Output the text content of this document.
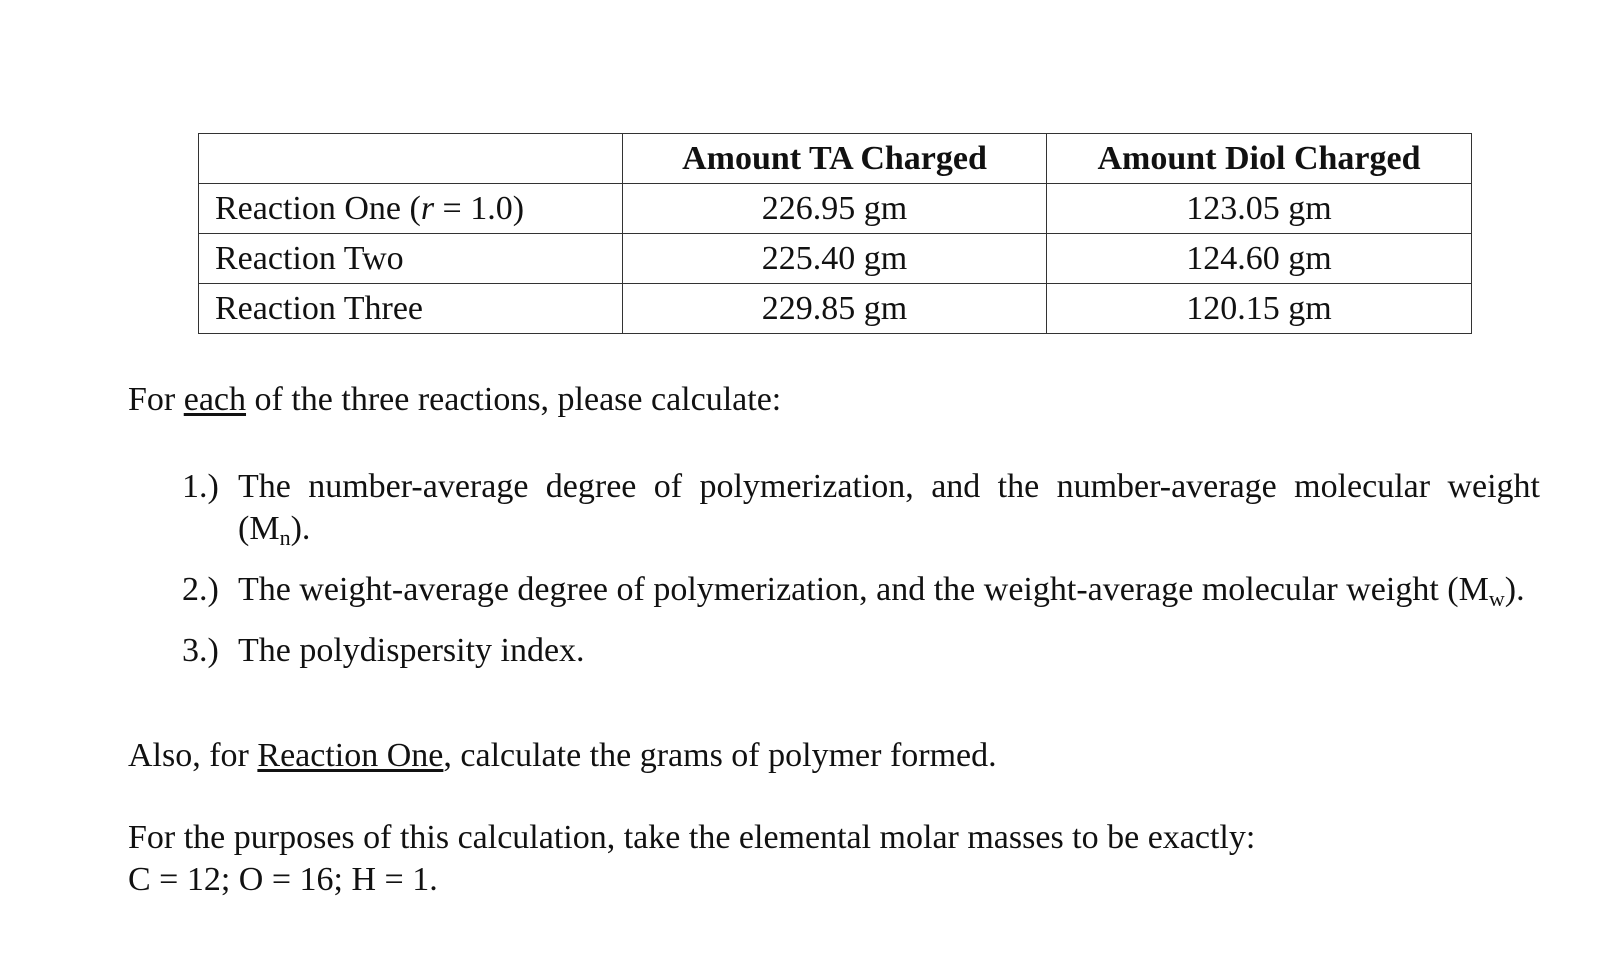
	Amount TA Charged	Amount Diol Charged
Reaction One (r = 1.0)	226.95 gm	123.05 gm
Reaction Two	225.40 gm	124.60 gm
Reaction Three	229.85 gm	120.15 gm

For each of the three reactions, please calculate:

1.) The number-average degree of polymerization, and the number-average molecular weight $(M_n)$.
2.) The weight-average degree of polymerization, and the weight-average molecular weight $(M_w)$.
3.) The polydispersity index.

Also, for Reaction One, calculate the grams of polymer formed.

For the purposes of this calculation, take the elemental molar masses to be exactly:

C = 12; O = 16; H = 1.
